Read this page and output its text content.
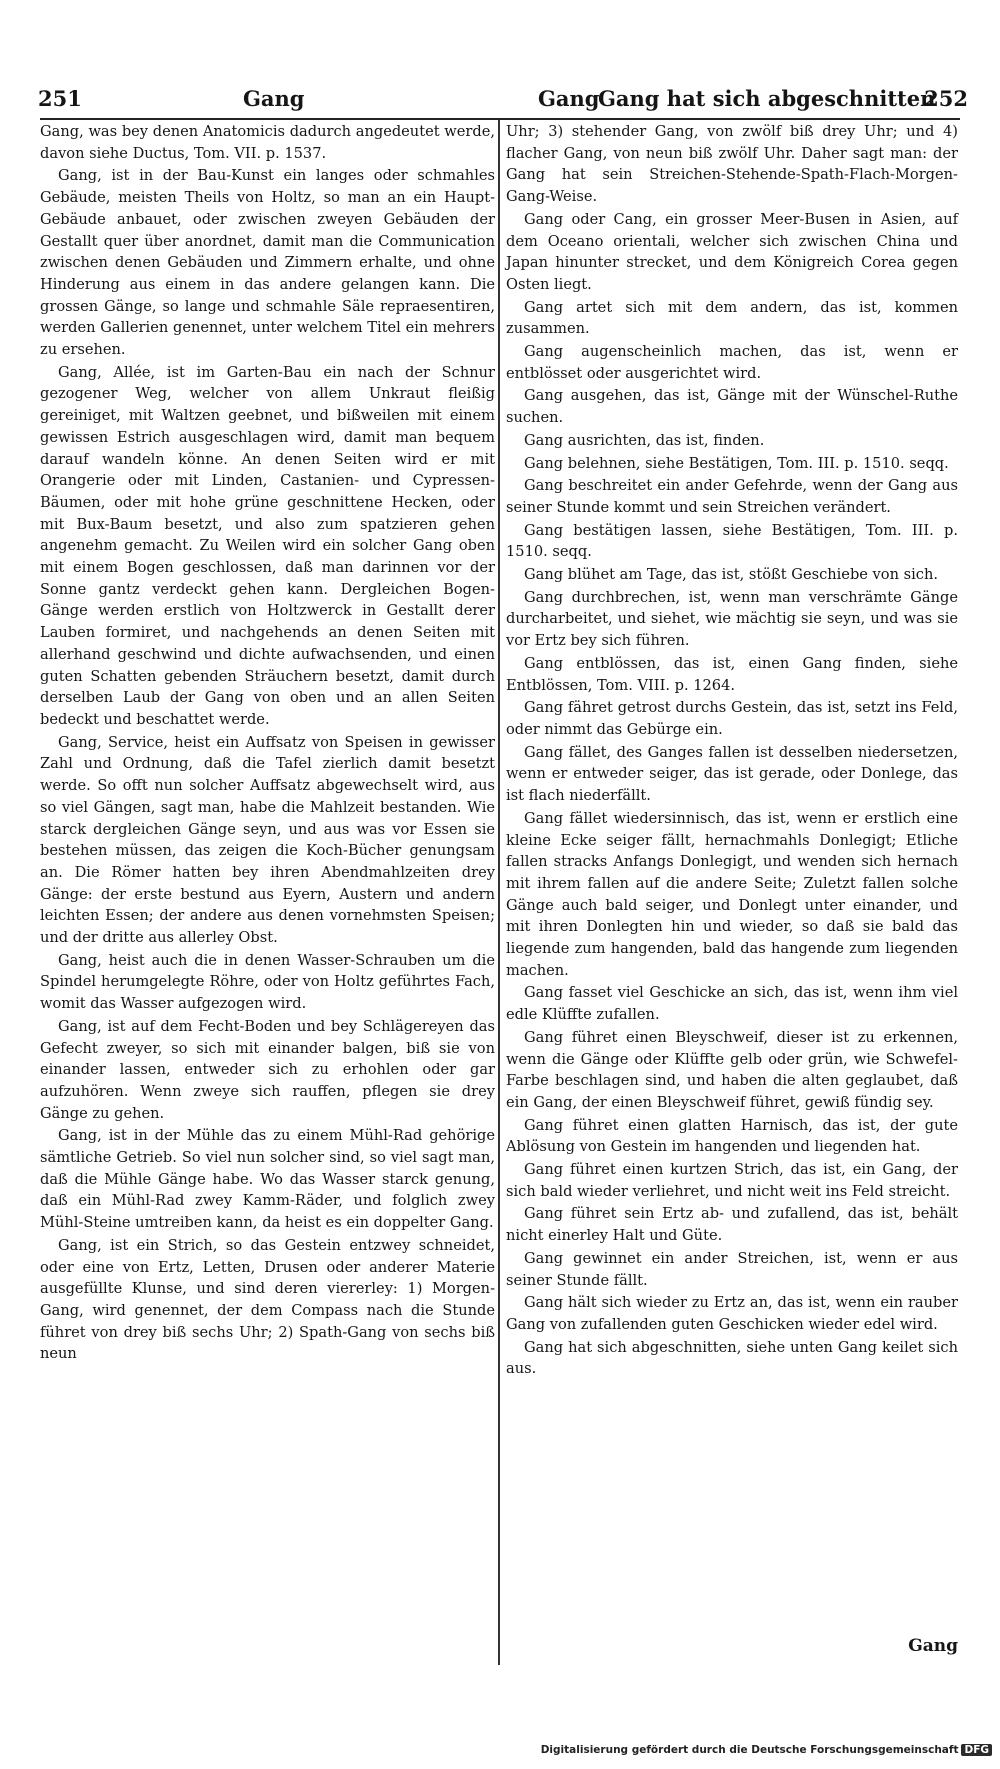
251	Gang	Gang
Gang hat sich abgeschnitten
252

Gang, was bey denen Anatomicis dadurch angedeutet werde, davon siehe Ductus, Tom. VII. p. 1537.

Gang, ist in der Bau-Kunst ein langes oder schmahles Gebäude, meisten Theils von Holtz, so man an ein Haupt-Gebäude anbauet, oder zwischen zweyen Gebäuden der Gestallt quer über anordnet, damit man die Communication zwischen denen Gebäuden und Zimmern erhalte, und ohne Hinderung aus einem in das andere gelangen kann. Die grossen Gänge, so lange und schmahle Säle repraesentiren, werden Gallerien genennet, unter welchem Titel ein mehrers zu ersehen.

Gang, Allée, ist im Garten-Bau ein nach der Schnur gezogener Weg, welcher von allem Unkraut fleißig gereiniget, mit Waltzen geebnet, und bißweilen mit einem gewissen Estrich ausgeschlagen wird, damit man bequem darauf wandeln könne. An denen Seiten wird er mit Orangerie oder mit Linden, Castanien- und Cypressen-Bäumen, oder mit hohe grüne geschnittene Hecken, oder mit Bux-Baum besetzt, und also zum spatzieren gehen angenehm gemacht. Zu Weilen wird ein solcher Gang oben mit einem Bogen geschlossen, daß man darinnen vor der Sonne gantz verdeckt gehen kann. Dergleichen Bogen-Gänge werden erstlich von Holtzwerck in Gestallt derer Lauben formiret, und nachgehends an denen Seiten mit allerhand geschwind und dichte aufwachsenden, und einen guten Schatten gebenden Sträuchern besetzt, damit durch derselben Laub der Gang von oben und an allen Seiten bedeckt und beschattet werde.

Gang, Service, heist ein Auffsatz von Speisen in gewisser Zahl und Ordnung, daß die Tafel zierlich damit besetzt werde. So offt nun solcher Auffsatz abgewechselt wird, aus so viel Gängen, sagt man, habe die Mahlzeit bestanden. Wie starck dergleichen Gänge seyn, und aus was vor Essen sie bestehen müssen, das zeigen die Koch-Bücher genungsam an. Die Römer hatten bey ihren Abendmahlzeiten drey Gänge: der erste bestund aus Eyern, Austern und andern leichten Essen; der andere aus denen vornehmsten Speisen; und der dritte aus allerley Obst.

Gang, heist auch die in denen Wasser-Schrauben um die Spindel herumgelegte Röhre, oder von Holtz geführtes Fach, womit das Wasser aufgezogen wird.

Gang, ist auf dem Fecht-Boden und bey Schlägereyen das Gefecht zweyer, so sich mit einander balgen, biß sie von einander lassen, entweder sich zu erhohlen oder gar aufzuhören. Wenn zweye sich rauffen, pflegen sie drey Gänge zu gehen.

Gang, ist in der Mühle das zu einem Mühl-Rad gehörige sämtliche Getrieb. So viel nun solcher sind, so viel sagt man, daß die Mühle Gänge habe. Wo das Wasser starck genung, daß ein Mühl-Rad zwey Kamm-Räder, und folglich zwey Mühl-Steine umtreiben kann, da heist es ein doppelter Gang.

Gang, ist ein Strich, so das Gestein entzwey schneidet, oder eine von Ertz, Letten, Drusen oder anderer Materie ausgefüllte Klunse, und sind deren viererley: 1) Morgen-Gang, wird genennet, der dem Compass nach die Stunde führet von drey biß sechs Uhr; 2) Spath-Gang von sechs biß neun

Uhr; 3) stehender Gang, von zwölf biß drey Uhr; und 4) flacher Gang, von neun biß zwölf Uhr. Daher sagt man: der Gang hat sein Streichen-Stehende-Spath-Flach-Morgen-Gang-Weise.

Gang oder Cang, ein grosser Meer-Busen in Asien, auf dem Oceano orientali, welcher sich zwischen China und Japan hinunter strecket, und dem Königreich Corea gegen Osten liegt.

Gang artet sich mit dem andern, das ist, kommen zusammen.

Gang augenscheinlich machen, das ist, wenn er entblösset oder ausgerichtet wird.

Gang ausgehen, das ist, Gänge mit der Wünschel-Ruthe suchen.

Gang ausrichten, das ist, finden.

Gang belehnen, siehe Bestätigen, Tom. III. p. 1510. seqq.

Gang beschreitet ein ander Gefehrde, wenn der Gang aus seiner Stunde kommt und sein Streichen verändert.

Gang bestätigen lassen, siehe Bestätigen, Tom. III. p. 1510. seqq.

Gang blühet am Tage, das ist, stößt Geschiebe von sich.

Gang durchbrechen, ist, wenn man verschrämte Gänge durcharbeitet, und siehet, wie mächtig sie seyn, und was sie vor Ertz bey sich führen.

Gang entblössen, das ist, einen Gang finden, siehe Entblössen, Tom. VIII. p. 1264.

Gang fähret getrost durchs Gestein, das ist, setzt ins Feld, oder nimmt das Gebürge ein.

Gang fället, des Ganges fallen ist desselben niedersetzen, wenn er entweder seiger, das ist gerade, oder Donlege, das ist flach niederfällt.

Gang fället wiedersinnisch, das ist, wenn er erstlich eine kleine Ecke seiger fällt, hernachmahls Donlegigt; Etliche fallen stracks Anfangs Donlegigt, und wenden sich hernach mit ihrem fallen auf die andere Seite; Zuletzt fallen solche Gänge auch bald seiger, und Donlegt unter einander, und mit ihren Donlegten hin und wieder, so daß sie bald das liegende zum hangenden, bald das hangende zum liegenden machen.

Gang fasset viel Geschicke an sich, das ist, wenn ihm viel edle Klüffte zufallen.

Gang führet einen Bleyschweif, dieser ist zu erkennen, wenn die Gänge oder Klüffte gelb oder grün, wie Schwefel-Farbe beschlagen sind, und haben die alten geglaubet, daß ein Gang, der einen Bleyschweif führet, gewiß fündig sey.

Gang führet einen glatten Harnisch, das ist, der gute Ablösung von Gestein im hangenden und liegenden hat.

Gang führet einen kurtzen Strich, das ist, ein Gang, der sich bald wieder verliehret, und nicht weit ins Feld streicht.

Gang führet sein Ertz ab- und zufallend, das ist, behält nicht einerley Halt und Güte.

Gang gewinnet ein ander Streichen, ist, wenn er aus seiner Stunde fällt.

Gang hält sich wieder zu Ertz an, das ist, wenn ein rauber Gang von zufallenden guten Geschicken wieder edel wird.

Gang hat sich abgeschnitten, siehe unten Gang keilet sich aus.

Gang
Digitalisierung gefördert durch die Deutsche Forschungsgemeinschaft DFG
